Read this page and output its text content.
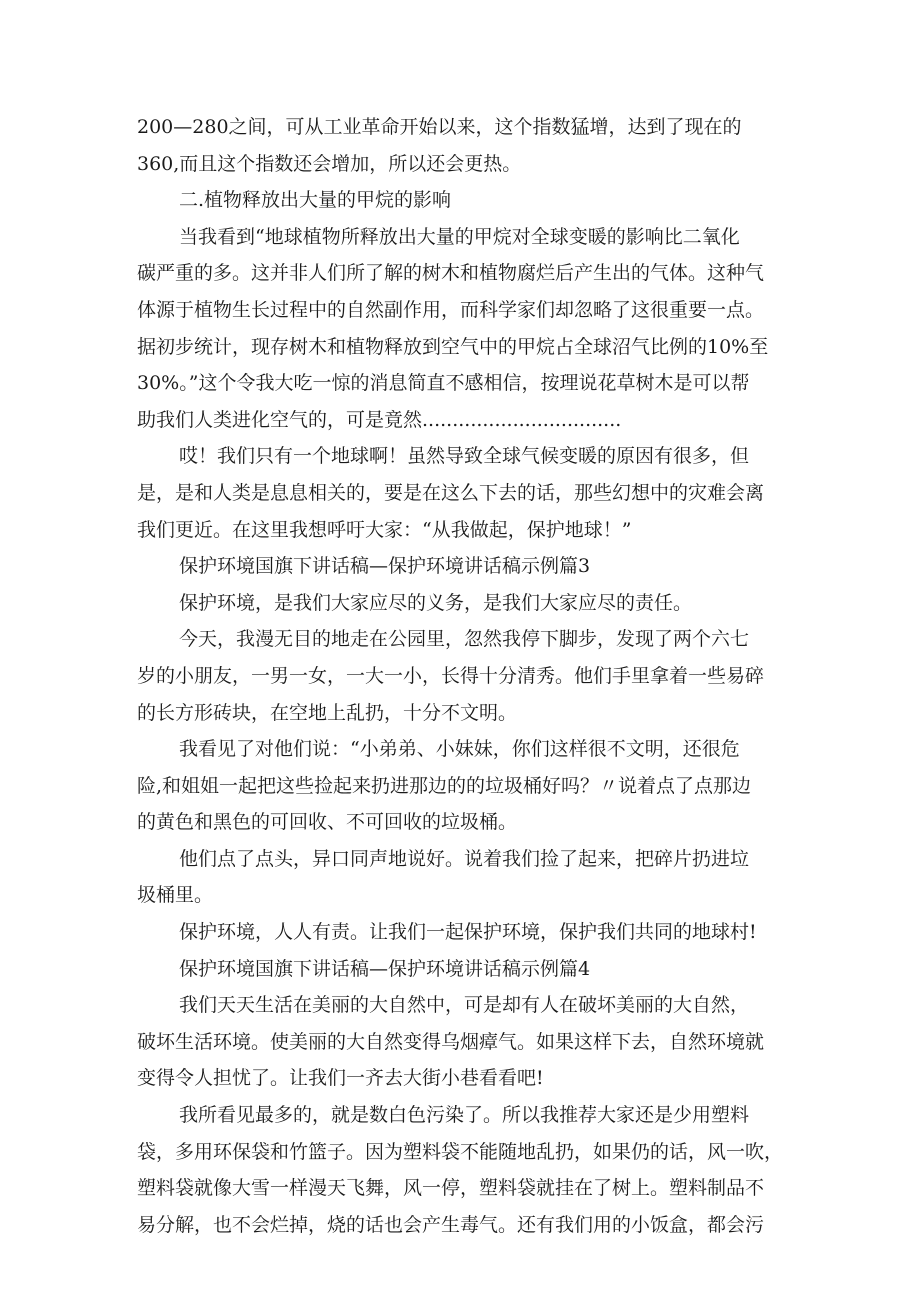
200—280之间，可从工业革命开始以来，这个指数猛增，达到了现在的
360,而且这个指数还会增加，所以还会更热。
二.植物释放出大量的甲烷的影响
当我看到“地球植物所释放出大量的甲烷对全球变暖的影响比二氧化
碳严重的多。这并非人们所了解的树木和植物腐烂后产生出的气体。这种气
体源于植物生长过程中的自然副作用，而科学家们却忽略了这很重要一点。
据初步统计，现存树木和植物释放到空气中的甲烷占全球沼气比例的10%至
30%。”这个令我大吃一惊的消息简直不感相信，按理说花草树木是可以帮
助我们人类进化空气的，可是竟然.................................
哎！我们只有一个地球啊！虽然导致全球气候变暖的原因有很多，但
是，是和人类是息息相关的，要是在这么下去的话，那些幻想中的灾难会离
我们更近。在这里我想呼吁大家：“从我做起，保护地球！”
保护环境国旗下讲话稿—保护环境讲话稿示例篇3
保护环境，是我们大家应尽的义务，是我们大家应尽的责任。
今天，我漫无目的地走在公园里，忽然我停下脚步，发现了两个六七
岁的小朋友，一男一女，一大一小，长得十分清秀。他们手里拿着一些易碎
的长方形砖块，在空地上乱扔，十分不文明。
我看见了对他们说：“小弟弟、小妹妹，你们这样很不文明，还很危
险,和姐姐一起把这些捡起来扔进那边的的垃圾桶好吗？〃说着点了点那边
的黄色和黑色的可回收、不可回收的垃圾桶。
他们点了点头，异口同声地说好。说着我们捡了起来，把碎片扔进垃
圾桶里。
保护环境，人人有责。让我们一起保护环境，保护我们共同的地球村!
保护环境国旗下讲话稿—保护环境讲话稿示例篇4
我们天天生活在美丽的大自然中，可是却有人在破坏美丽的大自然，
破坏生活环境。使美丽的大自然变得乌烟瘴气。如果这样下去，自然环境就
变得令人担忧了。让我们一齐去大街小巷看看吧!
我所看见最多的，就是数白色污染了。所以我推荐大家还是少用塑料
袋，多用环保袋和竹篮子。因为塑料袋不能随地乱扔，如果仍的话，风一吹，
塑料袋就像大雪一样漫天飞舞，风一停，塑料袋就挂在了树上。塑料制品不
易分解，也不会烂掉，烧的话也会产生毒气。还有我们用的小饭盒，都会污
